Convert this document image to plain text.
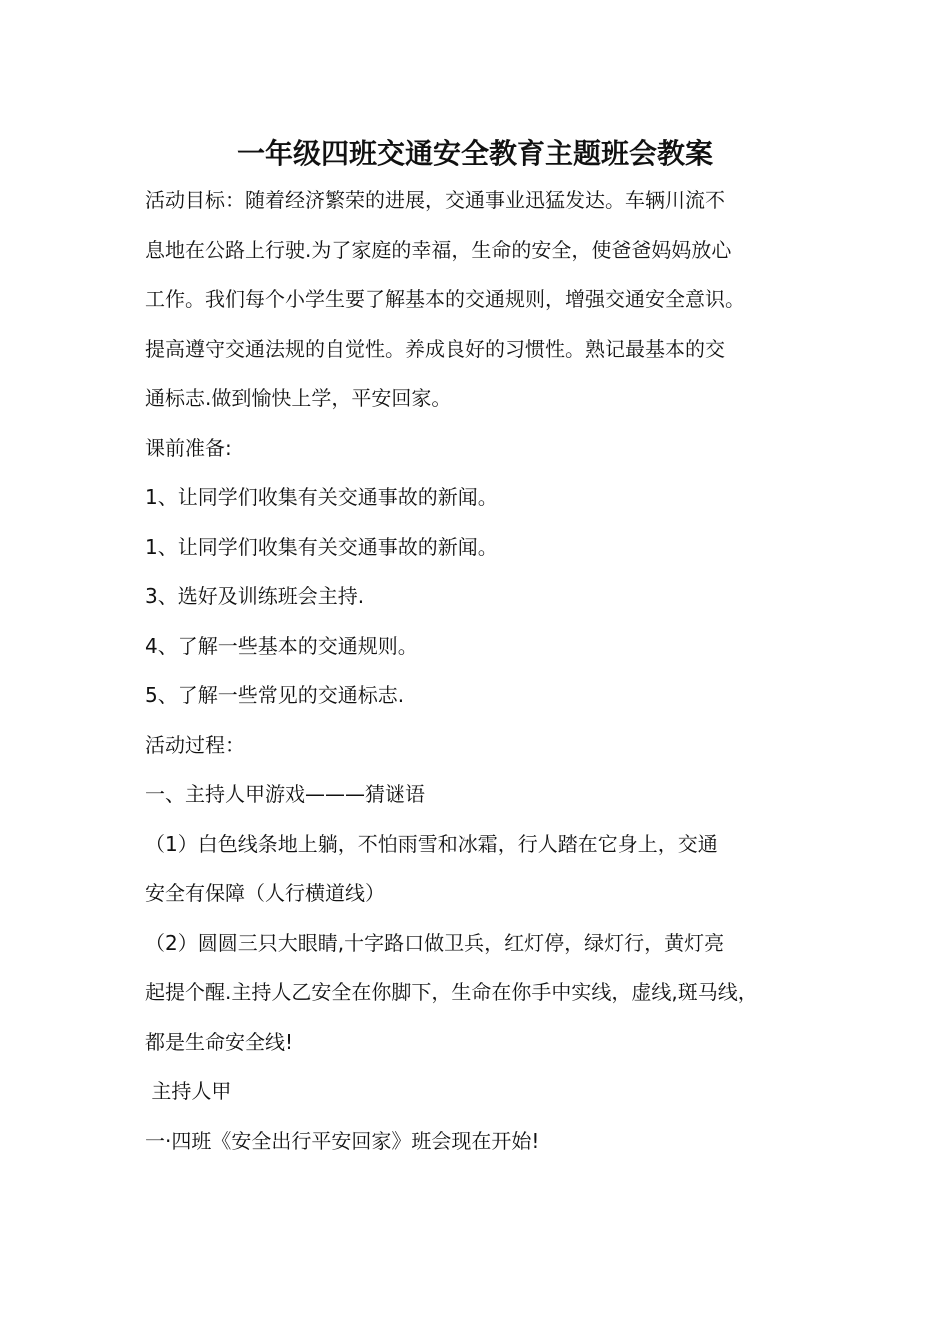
一年级四班交通安全教育主题班会教案
活动目标：随着经济繁荣的进展，交通事业迅猛发达。车辆川流不
息地在公路上行驶.为了家庭的幸福，生命的安全，使爸爸妈妈放心
工作。我们每个小学生要了解基本的交通规则，增强交通安全意识。
提高遵守交通法规的自觉性。养成良好的习惯性。熟记最基本的交
通标志.做到愉快上学，平安回家。
课前准备:
1、让同学们收集有关交通事故的新闻。
1、让同学们收集有关交通事故的新闻。
3、选好及训练班会主持.
4、了解一些基本的交通规则。
5、了解一些常见的交通标志.
活动过程：
一、主持人甲游戏———猜谜语
（1）白色线条地上躺，不怕雨雪和冰霜，行人踏在它身上，交通
安全有保障（人行横道线）
（2）圆圆三只大眼睛,十字路口做卫兵，红灯停，绿灯行，黄灯亮
起提个醒.主持人乙安全在你脚下，生命在你手中实线，虚线,斑马线，
都是生命安全线!
主持人甲
一·四班《安全出行平安回家》班会现在开始!
